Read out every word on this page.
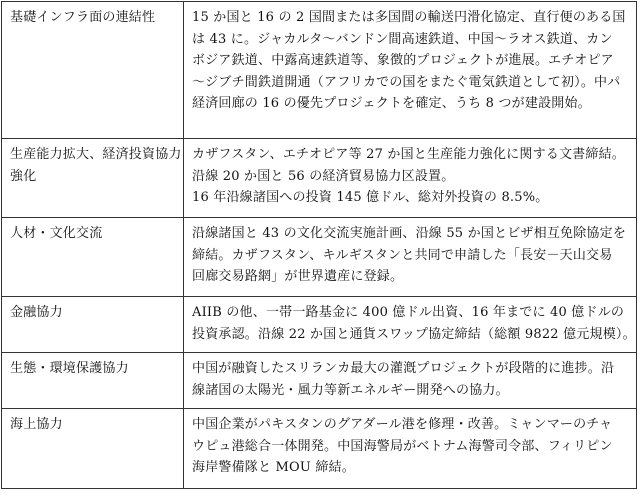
基礎インフラ面の連結性	15 か国と 16 の 2 国間または多国間の輸送円滑化協定、直行便のある国
は 43 に。ジャカルタ～バンドン間高速鉄道、中国～ラオス鉄道、カン
ボジア鉄道、中露高速鉄道等、象徴的プロジェクトが進展。エチオピア
～ジブチ間鉄道開通（アフリカでの国をまたぐ電気鉄道として初）。中パ
経済回廊の 16 の優先プロジェクトを確定、うち 8 つが建設開始。

生産能力拡大、経済投資協力
強化	カザフスタン、エチオピア等 27 か国と生産能力強化に関する文書締結。
沿線 20 か国と 56 の経済貿易協力区設置。
16 年沿線諸国への投資 145 億ドル、総対外投資の 8.5%。

人材・文化交流	沿線諸国と 43 の文化交流実施計画、沿線 55 か国とビザ相互免除協定を
締結。カザフスタン、キルギスタンと共同で申請した「長安－天山交易
回廊交易路網」が世界遺産に登録。

金融協力	AIIB の他、一帯一路基金に 400 億ドル出資、16 年までに 40 億ドルの
投資承認。沿線 22 か国と通貨スワップ協定締結（総額 9822 億元規模）。

生態・環境保護協力	中国が融資したスリランカ最大の灌漑プロジェクトが段階的に進捗。沿
線諸国の太陽光・風力等新エネルギー開発への協力。

海上協力	中国企業がパキスタンのグアダール港を修理・改善。ミャンマーのチャ
ウピュ港総合一体開発。中国海警局がベトナム海警司令部、フィリピン
海岸警備隊と MOU 締結。
